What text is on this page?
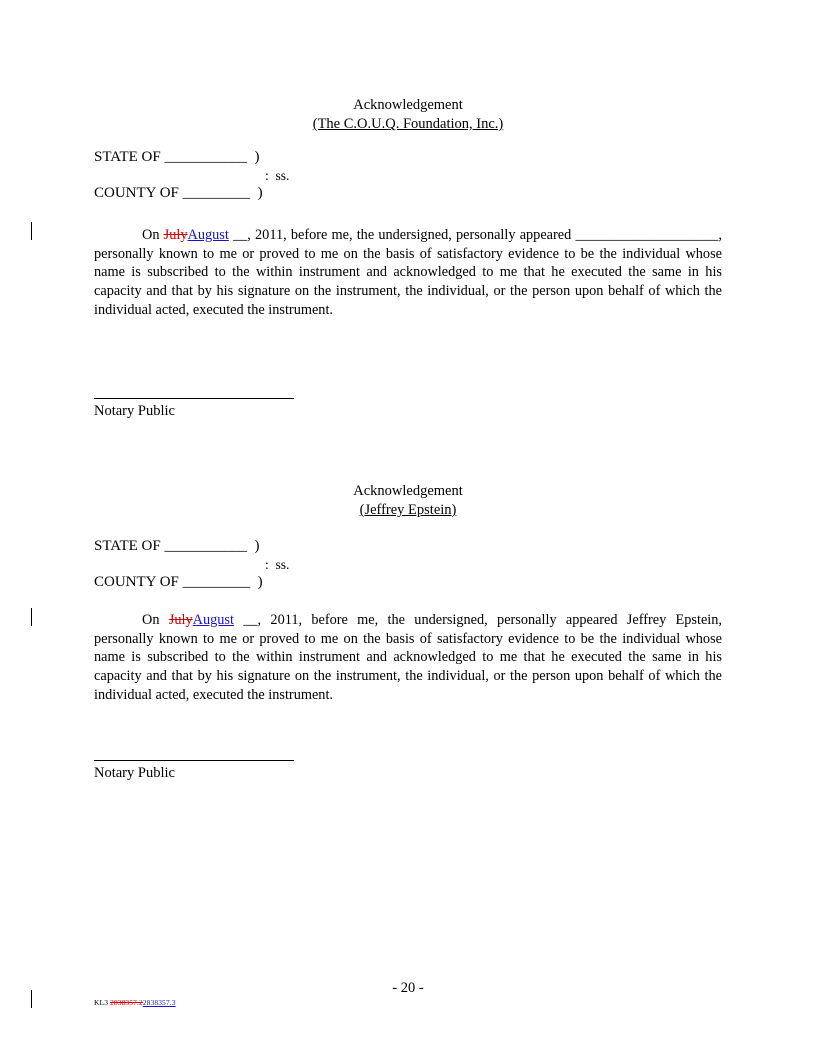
Acknowledgement
(The C.O.U.Q. Foundation, Inc.)
STATE OF ___________  )
:  ss.
COUNTY OF _________  )

On JulyAugust __, 2011, before me, the undersigned, personally appeared ____________________, personally known to me or proved to me on the basis of satisfactory evidence to be the individual whose name is subscribed to the within instrument and acknowledged to me that he executed the same in his capacity and that by his signature on the instrument, the individual, or the person upon behalf of which the individual acted, executed the instrument.

Notary Public
Acknowledgement
(Jeffrey Epstein)
STATE OF ___________  )
:  ss.
COUNTY OF _________  )

On JulyAugust __, 2011, before me, the undersigned, personally appeared Jeffrey Epstein, personally known to me or proved to me on the basis of satisfactory evidence to be the individual whose name is subscribed to the within instrument and acknowledged to me that he executed the same in his capacity and that by his signature on the instrument, the individual, or the person upon behalf of which the individual acted, executed the instrument.

Notary Public
- 20 -
KL3 2838357.22838357.3
